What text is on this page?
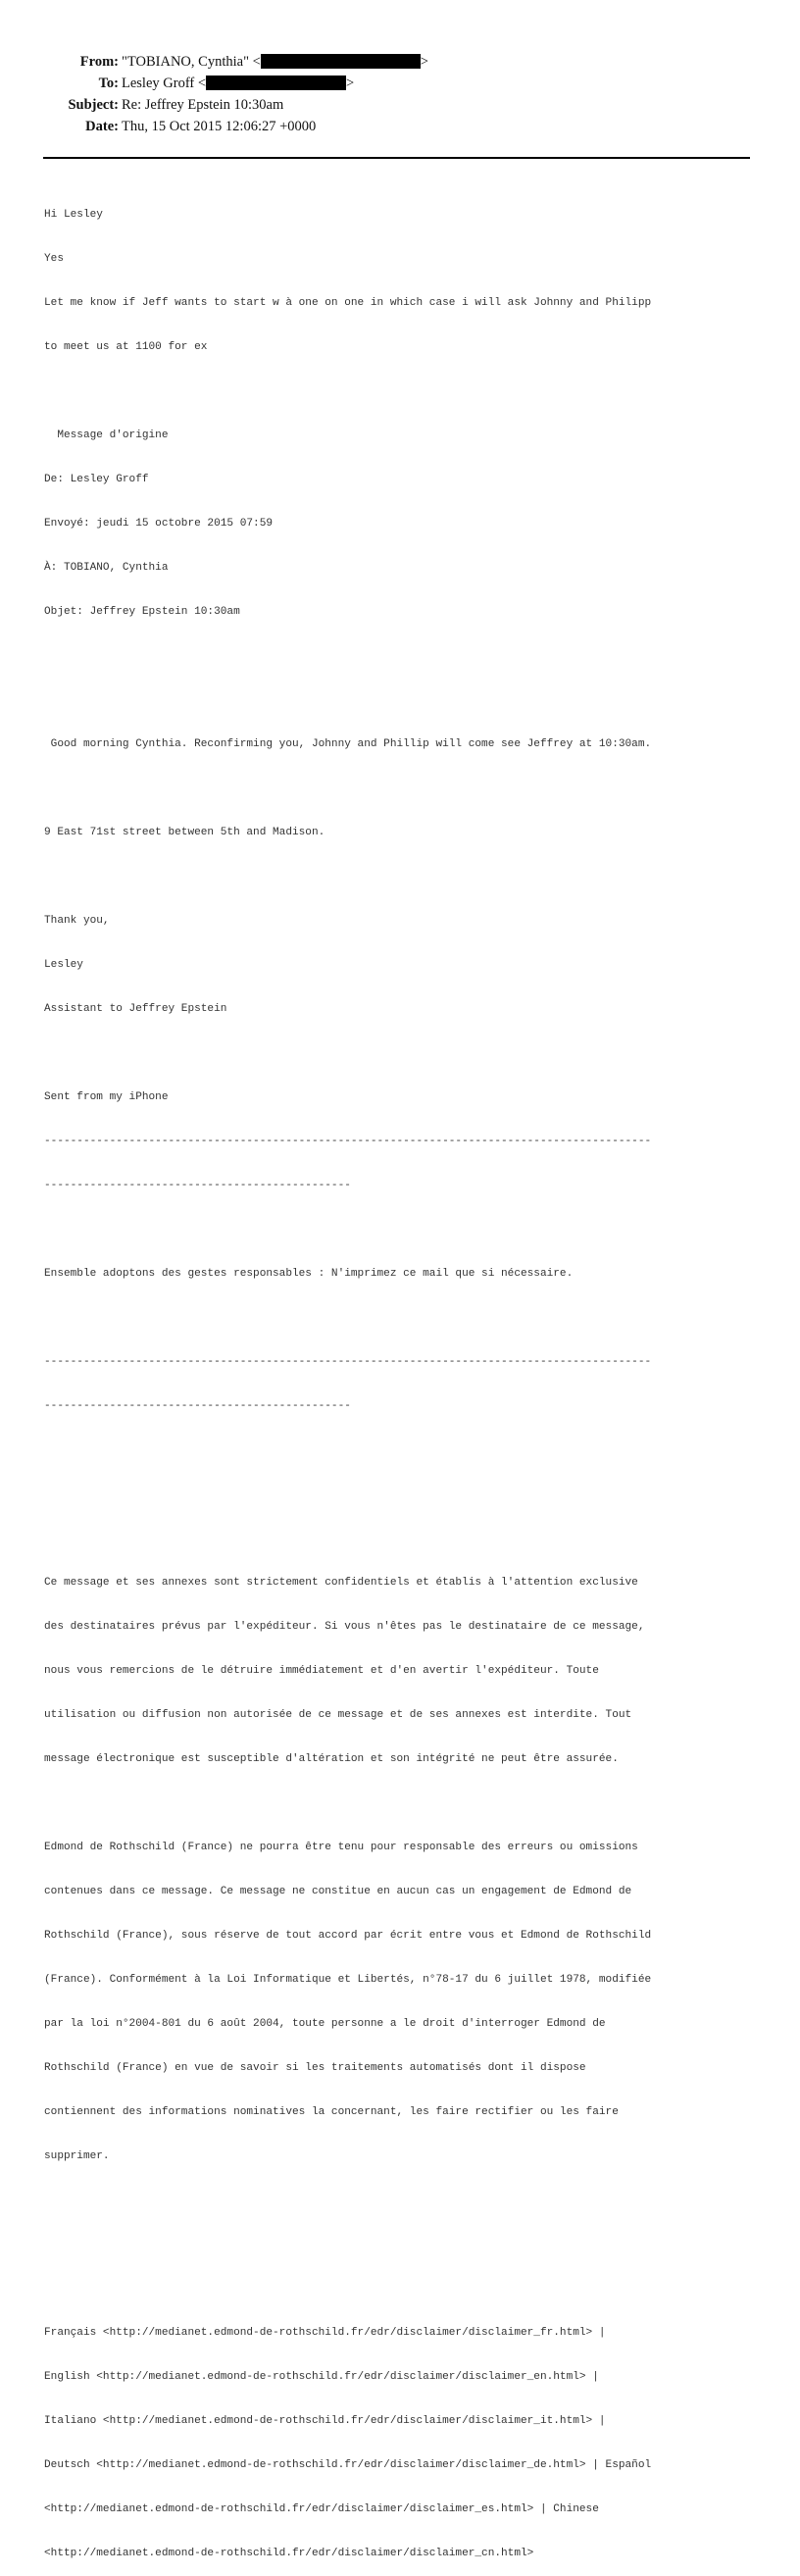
From: "TOBIANO, Cynthia" <	>
To: Lesley Groff <	>
Subject: Re: Jeffrey Epstein 10:30am
Date: Thu, 15 Oct 2015 12:06:27 +0000

Hi Lesley

Yes

Let me know if Jeff wants to start w à one on one in which case i will ask Johnny and Philipp

to meet us at 1100 for ex

Message d'origine

De: Lesley Groff

Envoyé: jeudi 15 octobre 2015 07:59

À: TOBIANO, Cynthia

Objet: Jeffrey Epstein 10:30am

Good morning Cynthia. Reconfirming you, Johnny and Phillip will come see Jeffrey at 10:30am.

9 East 71st street between 5th and Madison.

Thank you,

Lesley

Assistant to Jeffrey Epstein

Sent from my iPhone

---------------------------------------------------------------------------------------------

-----------------------------------------------

Ensemble adoptons des gestes responsables : N'imprimez ce mail que si nécessaire.

---------------------------------------------------------------------------------------------

-----------------------------------------------

Ce message et ses annexes sont strictement confidentiels et établis à l'attention exclusive

des destinataires prévus par l'expéditeur. Si vous n'êtes pas le destinataire de ce message,

nous vous remercions de le détruire immédiatement et d'en avertir l'expéditeur. Toute

utilisation ou diffusion non autorisée de ce message et de ses annexes est interdite. Tout

message électronique est susceptible d'altération et son intégrité ne peut être assurée.

Edmond de Rothschild (France) ne pourra être tenu pour responsable des erreurs ou omissions

contenues dans ce message. Ce message ne constitue en aucun cas un engagement de Edmond de

Rothschild (France), sous réserve de tout accord par écrit entre vous et Edmond de Rothschild

(France). Conformément à la Loi Informatique et Libertés, n°78-17 du 6 juillet 1978, modifiée

par la loi n°2004-801 du 6 août 2004, toute personne a le droit d'interroger Edmond de

Rothschild (France) en vue de savoir si les traitements automatisés dont il dispose

contiennent des informations nominatives la concernant, les faire rectifier ou les faire

supprimer.

Français <http://medianet.edmond-de-rothschild.fr/edr/disclaimer/disclaimer_fr.html> |

English <http://medianet.edmond-de-rothschild.fr/edr/disclaimer/disclaimer_en.html> |

Italiano <http://medianet.edmond-de-rothschild.fr/edr/disclaimer/disclaimer_it.html> |

Deutsch <http://medianet.edmond-de-rothschild.fr/edr/disclaimer/disclaimer_de.html> | Español

<http://medianet.edmond-de-rothschild.fr/edr/disclaimer/disclaimer_es.html> | Chinese

<http://medianet.edmond-de-rothschild.fr/edr/disclaimer/disclaimer_cn.html>
